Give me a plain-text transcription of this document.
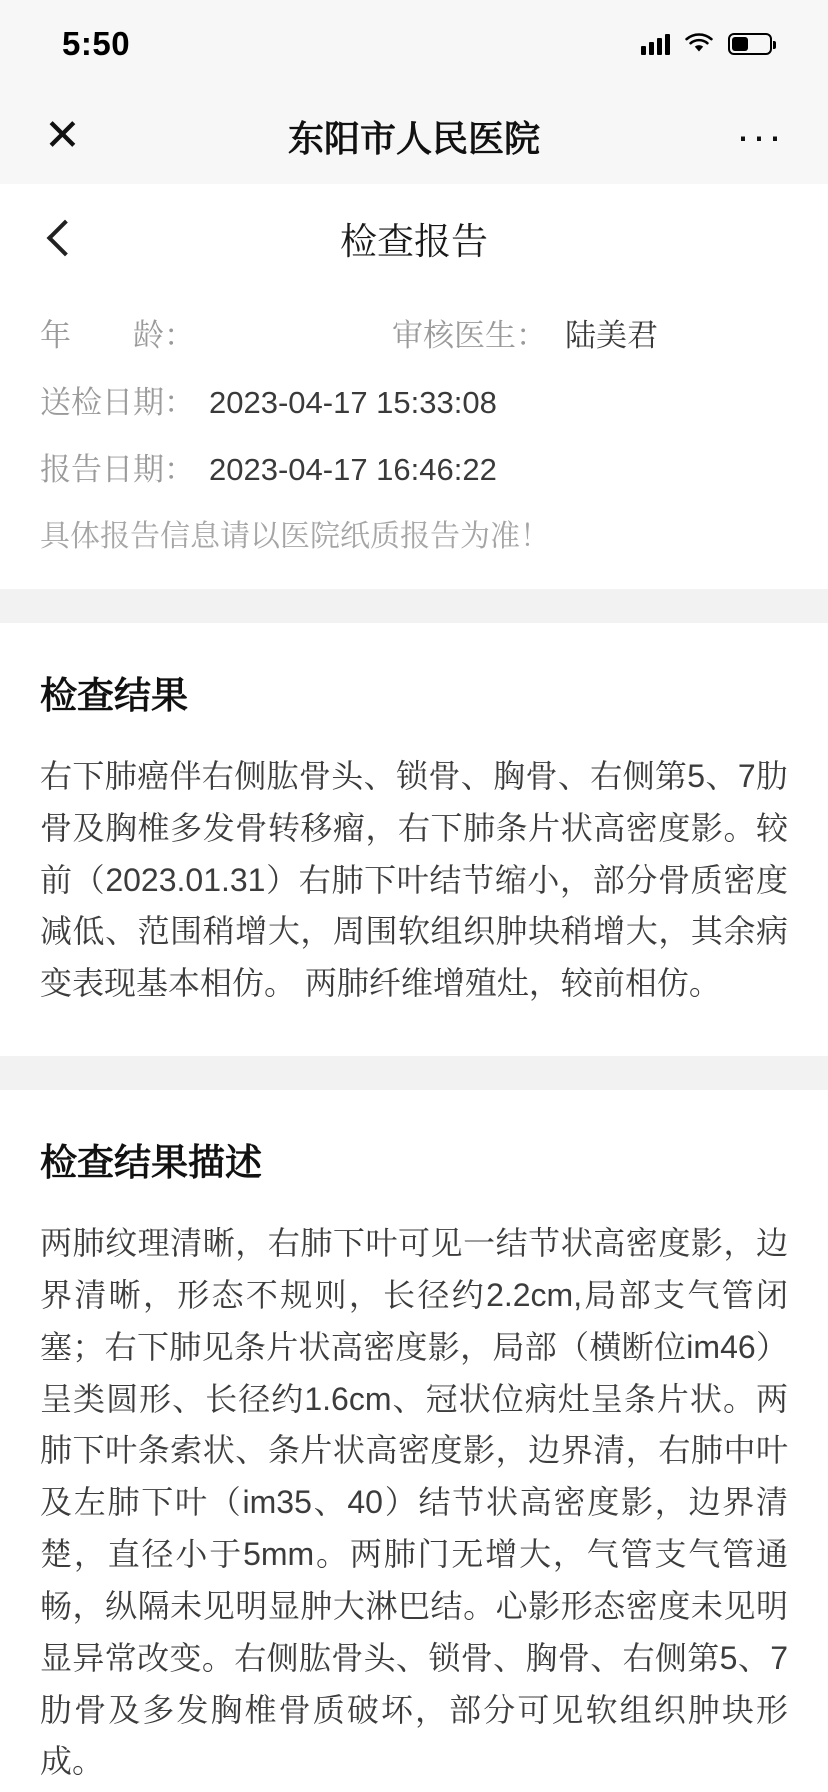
5:50
✕	东阳市人民医院	···
检查报告
年　　龄：	审核医生： 陆美君
送检日期： 2023-04-17 15:33:08
报告日期： 2023-04-17 16:46:22
具体报告信息请以医院纸质报告为准！
检查结果
右下肺癌伴右侧肱骨头、锁骨、胸骨、右侧第5、7肋骨及胸椎多发骨转移瘤，右下肺条片状高密度影。较前（2023.01.31）右肺下叶结节缩小，部分骨质密度减低、范围稍增大，周围软组织肿块稍增大，其余病变表现基本相仿。 两肺纤维增殖灶，较前相仿。
检查结果描述
两肺纹理清晰，右肺下叶可见一结节状高密度影，边界清晰，形态不规则，长径约2.2cm,局部支气管闭塞；右下肺见条片状高密度影，局部（横断位im46）呈类圆形、长径约1.6cm、冠状位病灶呈条片状。两肺下叶条索状、条片状高密度影，边界清，右肺中叶及左肺下叶（im35、40）结节状高密度影，边界清楚，直径小于5mm。两肺门无增大，气管支气管通畅，纵隔未见明显肿大淋巴结。心影形态密度未见明显异常改变。右侧肱骨头、锁骨、胸骨、右侧第5、7肋骨及多发胸椎骨质破坏，部分可见软组织肿块形成。
